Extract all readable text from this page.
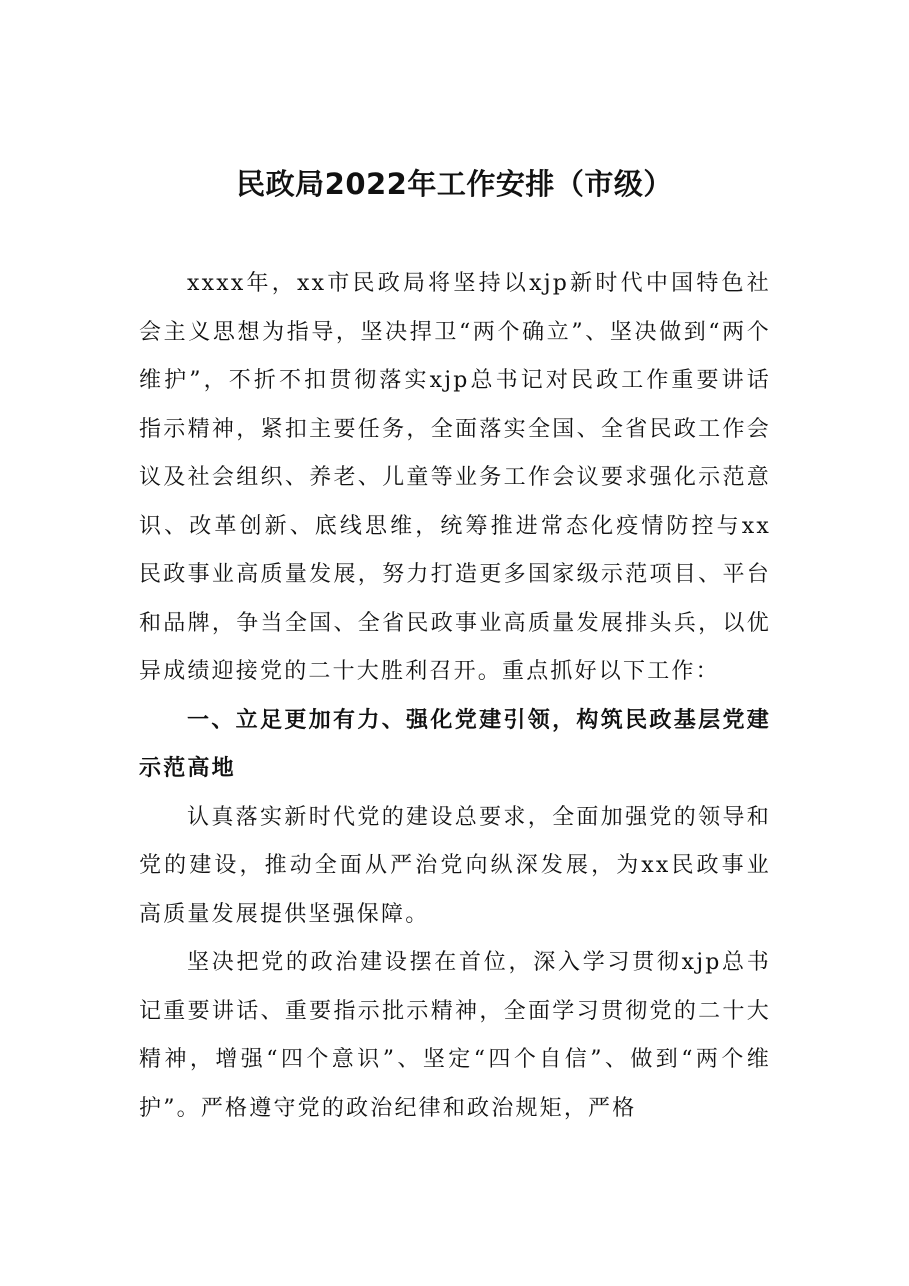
民政局2022年工作安排（市级）

xxxx年，xx市民政局将坚持以xjp新时代中国特色社会主义思想为指导，坚决捍卫“两个确立”、坚决做到“两个维护”，不折不扣贯彻落实xjp总书记对民政工作重要讲话指示精神，紧扣主要任务，全面落实全国、全省民政工作会议及社会组织、养老、儿童等业务工作会议要求强化示范意识、改革创新、底线思维，统筹推进常态化疫情防控与xx民政事业高质量发展，努力打造更多国家级示范项目、平台和品牌，争当全国、全省民政事业高质量发展排头兵，以优异成绩迎接党的二十大胜利召开。重点抓好以下工作：

一、立足更加有力、强化党建引领，构筑民政基层党建示范高地

认真落实新时代党的建设总要求，全面加强党的领导和党的建设，推动全面从严治党向纵深发展，为xx民政事业高质量发展提供坚强保障。

坚决把党的政治建设摆在首位，深入学习贯彻xjp总书记重要讲话、重要指示批示精神，全面学习贯彻党的二十大精神，增强“四个意识”、坚定“四个自信”、做到“两个维护”。严格遵守党的政治纪律和政治规矩，严格
